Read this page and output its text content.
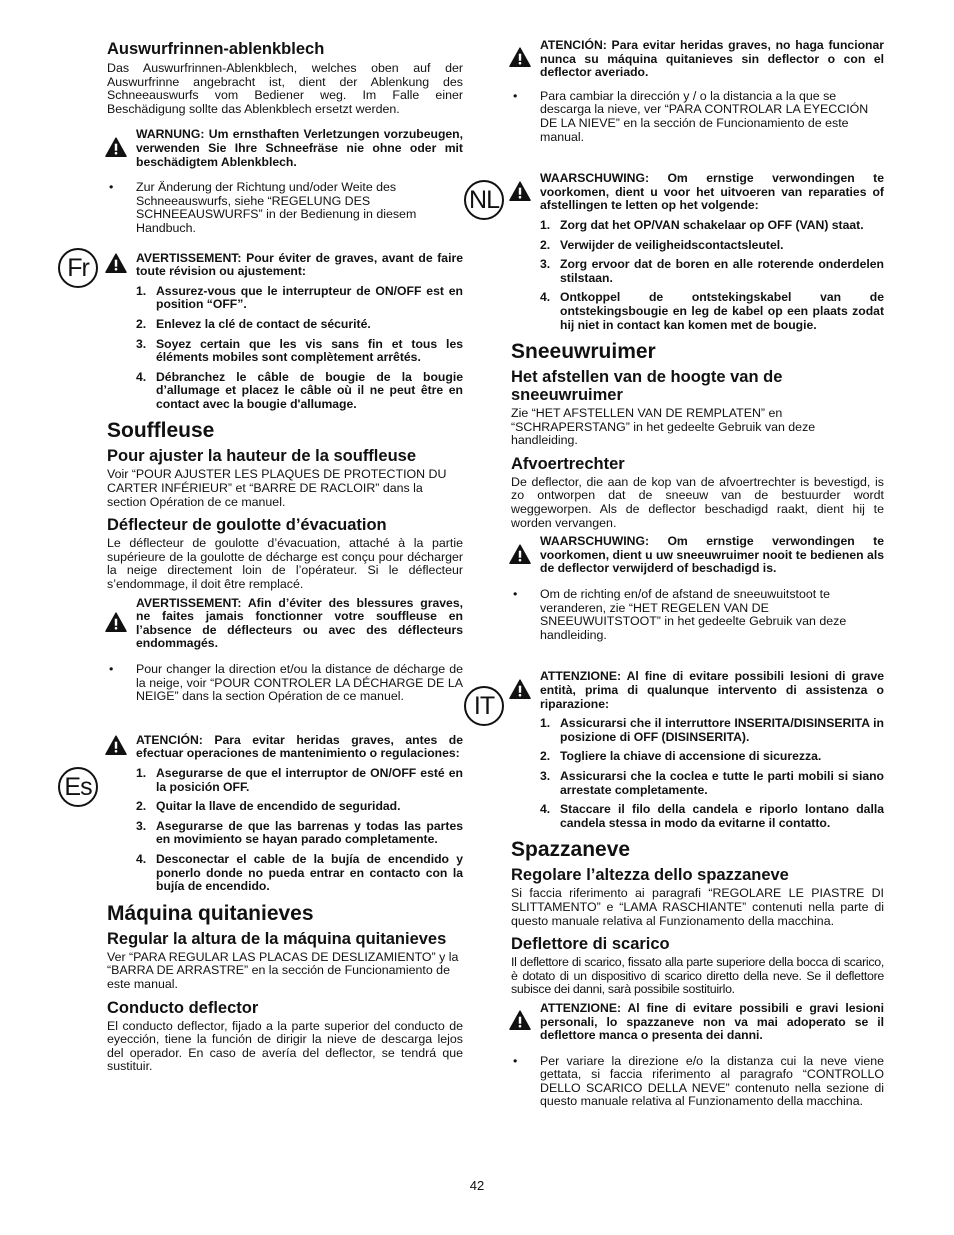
Fr
Es
NL
IT
Auswurfrinnen-ablenkblech

Das Auswurfrinnen-Ablenkblech, welches oben auf der Auswurfrinne angebracht ist, dient der Ablenkung des Schneeauswurfs vom Bediener weg. Im Falle einer Beschädigung sollte das Ablenkblech ersetzt werden.

WARNUNG: Um ernsthaften Verletzungen vorzubeugen, verwenden Sie Ihre Schneefräse nie ohne oder mit beschädigtem Ablenkblech.
• Zur Änderung der Richtung und/oder Weite des Schneeauswurfs, siehe “REGELUNG DES SCHNEEAUSWURFS” in der Bedienung in diesem Handbuch.
AVERTISSEMENT: Pour éviter de graves, avant de faire toute révision ou ajustement:
1. Assurez-vous que le interrupteur de ON/OFF est en position “OFF”.
2. Enlevez la clé de contact de sécurité.
3. Soyez certain que les vis sans fin et tous les éléments mobiles sont complètement arrêtés.
4. Débranchez le câble de bougie de la bougie d’allumage et placez le câble où il ne peut être en contact avec la bougie d'allumage.
Souffleuse
Pour ajuster la hauteur de la souffleuse

Voir “POUR AJUSTER LES PLAQUES DE PROTECTION DU CARTER INFÉRIEUR” et “BARRE DE RACLOIR” dans la section Opération de ce manuel.

Déflecteur de goulotte d’évacuation

Le déflecteur de goulotte d’évacuation, attaché à la partie supérieure de la goulotte de décharge est conçu pour décharger la neige directement loin de l’opérateur. Si le déflecteur s’endommage, il doit être remplacé.

AVERTISSEMENT: Afin d’éviter des blessures graves, ne faites jamais fonctionner votre souffleuse en l’absence de déflecteurs ou avec des déflecteurs endommagés.
• Pour changer la direction et/ou la distance de décharge de la neige, voir “POUR CONTROLER LA DÉCHARGE DE LA NEIGE” dans la section Opération de ce manuel.
ATENCIÓN: Para evitar heridas graves, antes de efectuar operaciones de mantenimiento o regulaciones:
1. Asegurarse de que el interruptor de ON/OFF esté en la posición OFF.
2. Quitar la llave de encendido de seguridad.
3. Asegurarse de que las barrenas y todas las partes en movimiento se hayan parado completamente.
4. Desconectar el cable de la bujía de encendido y ponerlo donde no pueda entrar en contacto con la bujía de encendido.
Máquina quitanieves
Regular la altura de la máquina quitanieves

Ver “PARA REGULAR LAS PLACAS DE DESLIZAMIENTO” y la “BARRA DE ARRASTRE” en la sección de Funcionamiento de este manual.

Conducto deflector

El conducto deflector, fijado a la parte superior del conducto de eyección, tiene la función de dirigir la nieve de descarga lejos del operador. En caso de avería del deflector, se tendrá que sustituir.

ATENCIÓN: Para evitar heridas graves, no haga funcionar nunca su máquina quitanieves sin deflector o con el deflector averiado.
• Para cambiar la dirección y / o la distancia a la que se descarga la nieve, ver “PARA CONTROLAR LA EYECCIÓN DE LA NIEVE” en la sección de Funcionamiento de este manual.
WAARSCHUWING: Om ernstige verwondingen te voorkomen, dient u voor het uitvoeren van reparaties of afstellingen te letten op het volgende:
1. Zorg dat het OP/VAN schakelaar op OFF (VAN) staat.
2. Verwijder de veiligheidscontactsleutel.
3. Zorg ervoor dat de boren en alle roterende onderdelen stilstaan.
4. Ontkoppel de ontstekingskabel van de ontstekingsbougie en leg de kabel op een plaats zodat hij niet in contact kan komen met de bougie.
Sneeuwruimer
Het afstellen van de hoogte van de sneeuwruimer

Zie “HET AFSTELLEN VAN DE REMPLATEN” en “SCHRAPERSTANG” in het gedeelte Gebruik van deze handleiding.

Afvoertrechter

De deflector, die aan de kop van de afvoertrechter is bevestigd, is zo ontworpen dat de sneeuw van de bestuurder wordt weggeworpen. Als de deflector beschadigd raakt, dient hij te worden vervangen.

WAARSCHUWING: Om ernstige verwondingen te voorkomen, dient u uw sneeuwruimer nooit te bedienen als de deflector verwijderd of beschadigd is.
• Om de richting en/of de afstand de sneeuwuitstoot te veranderen, zie “HET REGELEN VAN DE SNEEUWUITSTOOT” in het gedeelte Gebruik van deze handleiding.
ATTENZIONE: Al fine di evitare possibili lesioni di grave entità, prima di qualunque intervento di assistenza o riparazione:
1. Assicurarsi che il interruttore INSERITA/DISINSERITA in posizione di OFF (DISINSERITA).
2. Togliere la chiave di accensione di sicurezza.
3. Assicurarsi che la coclea e tutte le parti mobili si siano arrestate completamente.
4. Staccare il filo della candela e riporlo lontano dalla candela stessa in modo da evitarne il contatto.
Spazzaneve
Regolare l’altezza dello spazzaneve

Si faccia riferimento ai paragrafi “REGOLARE LE PIASTRE DI SLITTAMENTO” e “LAMA RASCHIANTE” contenuti nella parte di questo manuale relativa al Funzionamento della macchina.

Deflettore di scarico

Il deflettore di scarico, fissato alla parte superiore della bocca di scarico, è dotato di un dispositivo di scarico diretto della neve. Se il deflettore subisce dei danni, sarà possibile sostituirlo.

ATTENZIONE: Al fine di evitare possibili e gravi lesioni personali, lo spazzaneve non va mai adoperato se il deflettore manca o presenta dei danni.
• Per variare la direzione e/o la distanza cui la neve viene gettata, si faccia riferimento al paragrafo “CONTROLLO DELLO SCARICO DELLA NEVE” contenuto nella sezione di questo manuale relativa al Funzionamento della macchina.
42
